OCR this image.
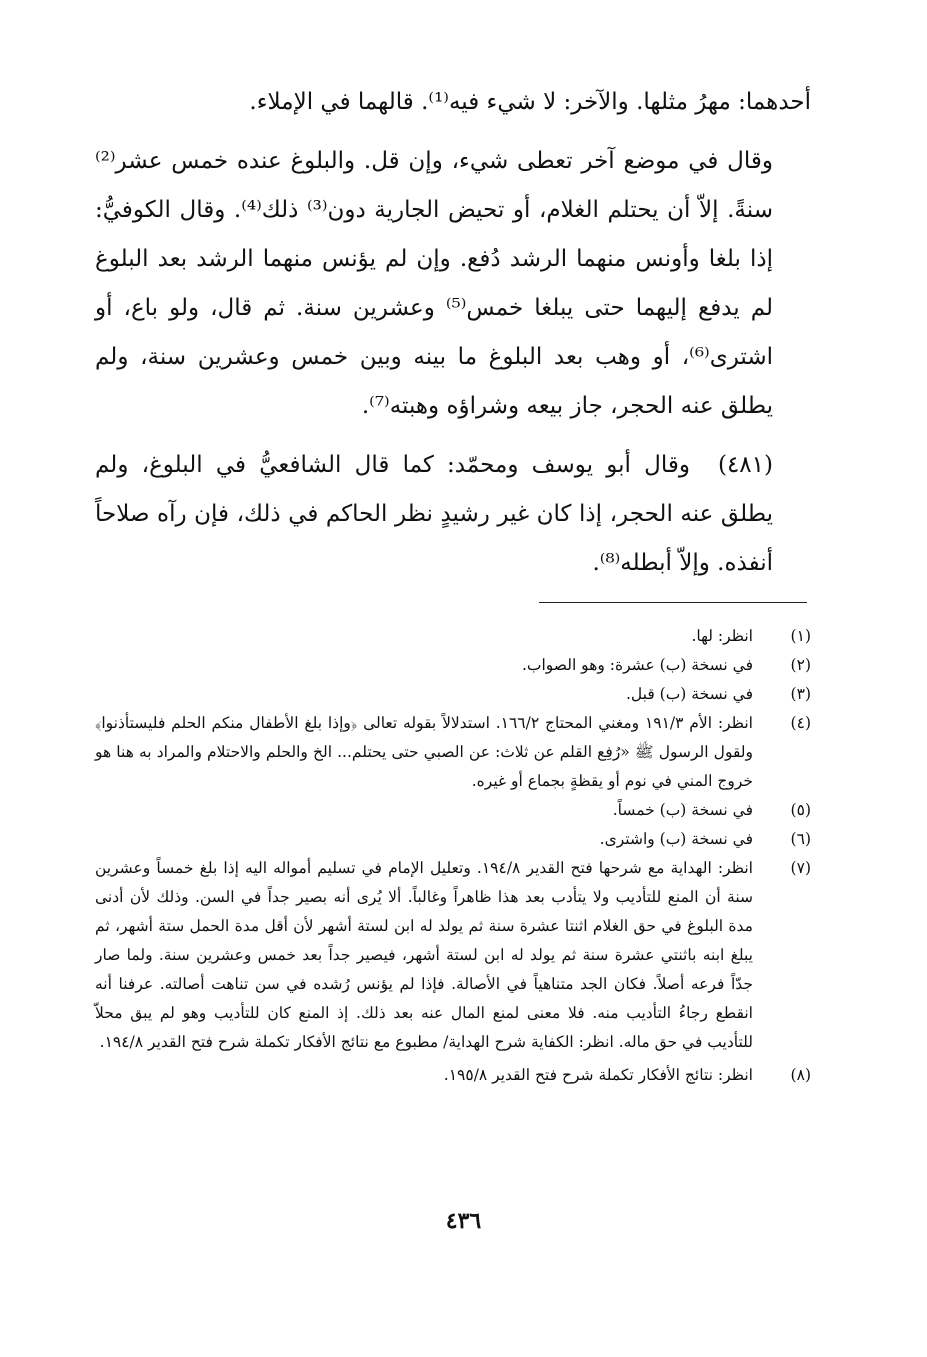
أحدهما: مهرُ مثلها. والآخر: لا شيء فيه⁽¹⁾. قالهما في الإملاء.

وقال في موضع آخر تعطى شيء، وإن قل. والبلوغ عنده خمس عشر⁽²⁾ سنةً. إلاّ أن يحتلم الغلام، أو تحيض الجارية دون⁽³⁾ ذلك⁽⁴⁾. وقال الكوفيُّ: إذا بلغا وأونس منهما الرشد دُفع. وإن لم يؤنس منهما الرشد بعد البلوغ لم يدفع إليهما حتى يبلغا خمس⁽⁵⁾ وعشرين سنة. ثم قال، ولو باع، أو اشترى⁽⁶⁾، أو وهب بعد البلوغ ما بينه وبين خمس وعشرين سنة، ولم يطلق عنه الحجر، جاز بيعه وشراؤه وهبته⁽⁷⁾.

(٤٨١)وقال أبو يوسف ومحمّد: كما قال الشافعيُّ في البلوغ، ولم يطلق عنه الحجر، إذا كان غير رشيدٍ نظر الحاكم في ذلك، فإن رآه صلاحاً أنفذه. وإلاّ أبطله⁽⁸⁾.

(١)
انظر: لها.
(٢)
في نسخة (ب) عشرة: وهو الصواب.
(٣)
في نسخة (ب) قبل.
(٤)
انظر: الأم ١٩١/٣ ومغني المحتاج ١٦٦/٢. استدلالاً بقوله تعالى ﴿وإذا بلغ الأطفال منكم الحلم فليستأذنوا﴾ ولقول الرسول ﷺ «رُفِع القلم عن ثلاث: عن الصبي حتى يحتلم... الخ والحلم والاحتلام والمراد به هنا هو خروج المني في نوم أو يقظةٍ بجماع أو غيره.
(٥)
في نسخة (ب) خمساً.
(٦)
في نسخة (ب) واشترى.
(٧)
انظر: الهداية مع شرحها فتح القدير ١٩٤/٨. وتعليل الإمام في تسليم أمواله اليه إذا بلغ خمساً وعشرين سنة أن المنع للتأديب ولا يتأدب بعد هذا ظاهراً وغالباً. ألا يُرى أنه بصير جداً في السن. وذلك لأن أدنى مدة البلوغ في حق الغلام اثنتا عشرة سنة ثم يولد له ابن لستة أشهر لأن أقل مدة الحمل ستة أشهر، ثم يبلغ ابنه باثنتي عشرة سنة ثم يولد له ابن لستة أشهر، فيصير جداً بعد خمس وعشرين سنة. ولما صار جدّاً فرعه أصلاً. فكان الجد متناهياً في الأصالة. فإذا لم يؤنس رُشده في سن تناهت أصالته. عرفنا أنه انقطع رجاءُ التأديب منه. فلا معنى لمنع المال عنه بعد ذلك. إذ المنع كان للتأديب وهو لم يبق محلاّ للتأديب في حق ماله. انظر: الكفاية شرح الهداية/ مطبوع مع نتائج الأفكار تكملة شرح فتح القدير ١٩٤/٨.
(٨)
انظر: نتائج الأفكار تكملة شرح فتح القدير ١٩٥/٨.
٤٣٦
